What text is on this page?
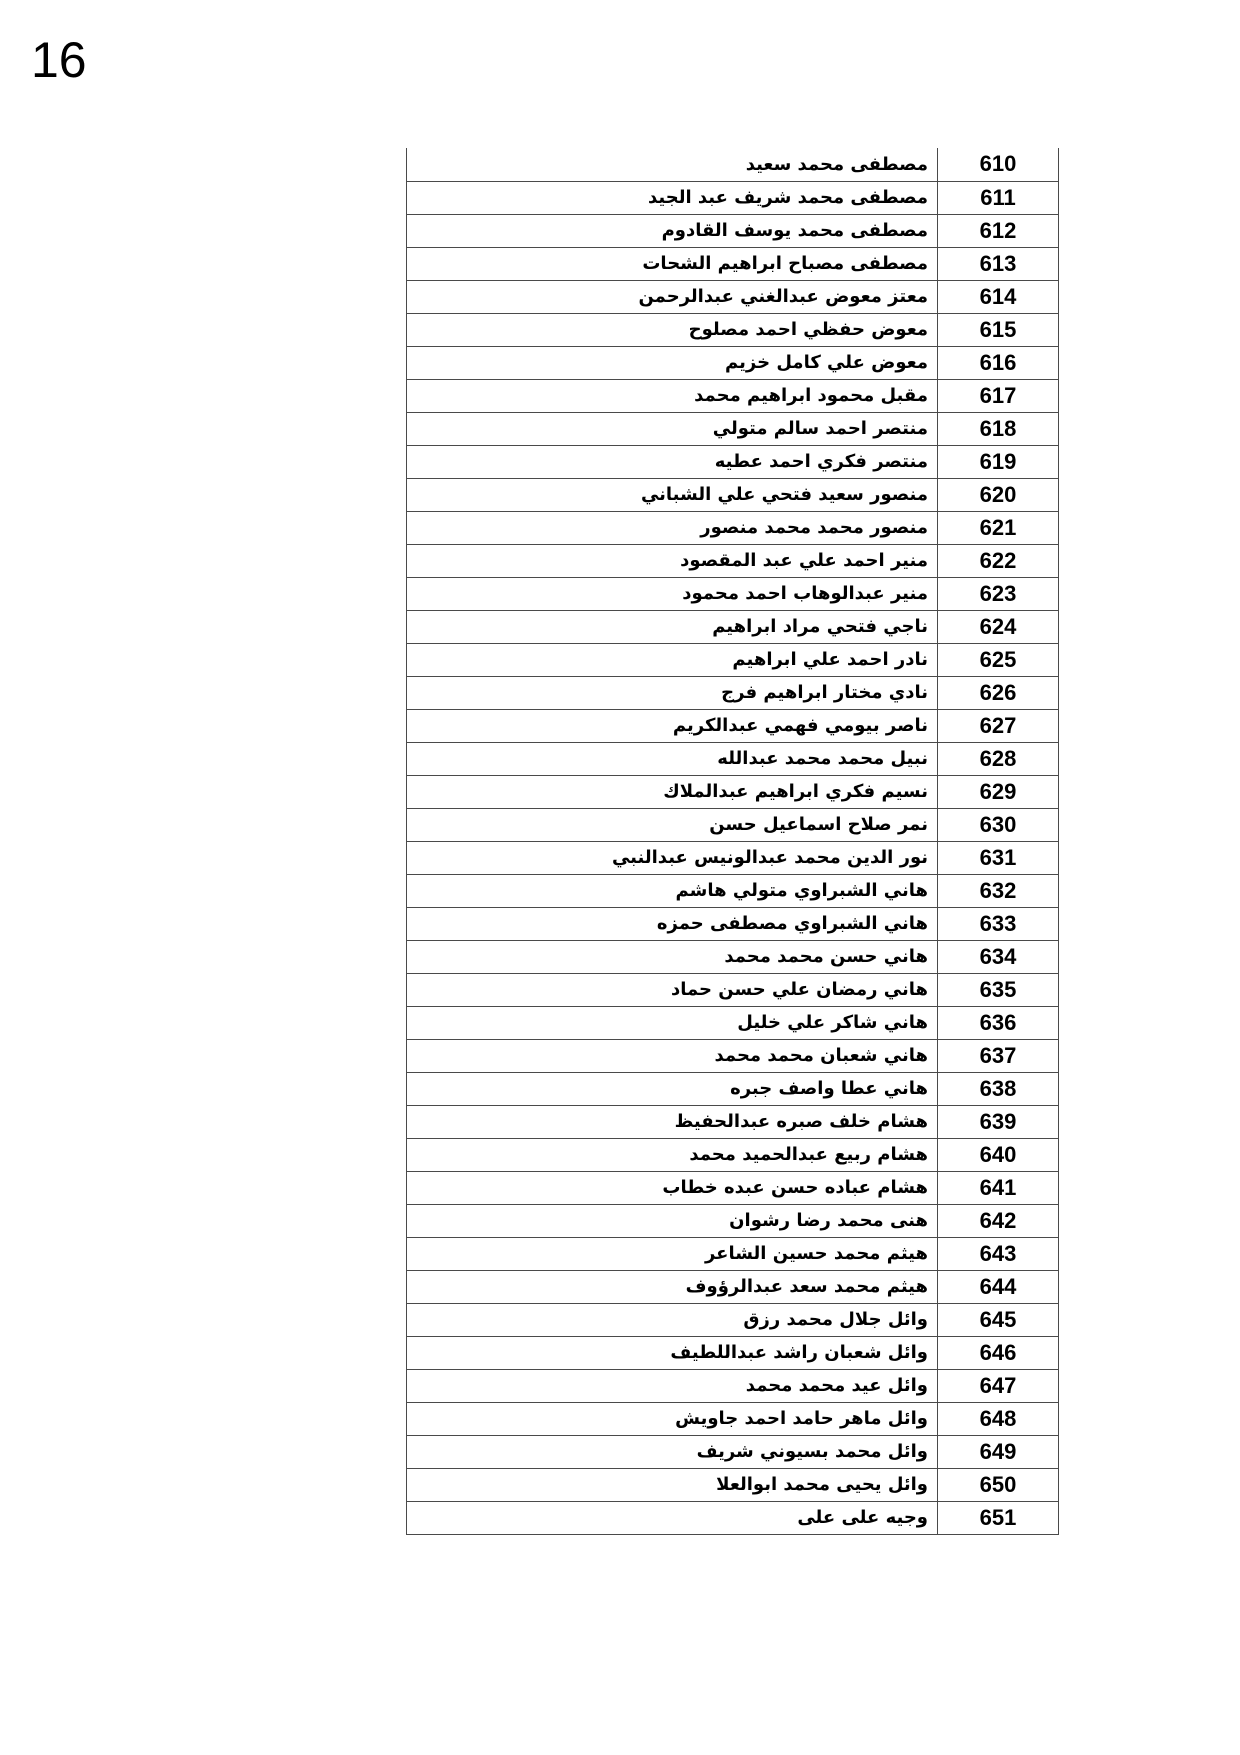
16
مصطفى محمد سعيد	610
مصطفى محمد شريف عبد الجيد	611
مصطفى محمد يوسف القادوم	612
مصطفى مصباح ابراهيم الشحات	613
معتز معوض عبدالغني عبدالرحمن	614
معوض حفظي احمد مصلوح	615
معوض علي كامل خزيم	616
مقبل محمود ابراهيم محمد	617
منتصر احمد سالم متولي	618
منتصر فكري احمد عطيه	619
منصور سعيد فتحي علي الشباني	620
منصور محمد محمد منصور	621
منير احمد علي عبد المقصود	622
منير عبدالوهاب احمد محمود	623
ناجي فتحي مراد ابراهيم	624
نادر احمد علي ابراهيم	625
نادي مختار ابراهيم فرج	626
ناصر بيومي فهمي عبدالكريم	627
نبيل محمد محمد عبدالله	628
نسيم فكري ابراهيم عبدالملاك	629
نمر صلاح اسماعيل حسن	630
نور الدين محمد عبدالونيس عبدالنبي	631
هاني الشبراوي متولي هاشم	632
هاني الشبراوي مصطفى حمزه	633
هاني حسن محمد محمد	634
هاني رمضان علي حسن حماد	635
هاني شاكر علي خليل	636
هاني شعبان محمد محمد	637
هاني عطا واصف جبره	638
هشام خلف صبره عبدالحفيظ	639
هشام ربيع عبدالحميد محمد	640
هشام عباده حسن عبده خطاب	641
هنى محمد رضا رشوان	642
هيثم محمد حسين الشاعر	643
هيثم محمد سعد عبدالرؤوف	644
وائل جلال محمد رزق	645
وائل شعبان راشد عبداللطيف	646
وائل عيد محمد محمد	647
وائل ماهر حامد احمد جاويش	648
وائل محمد بسيوني شريف	649
وائل يحيى محمد ابوالعلا	650
وجيه على على	651
